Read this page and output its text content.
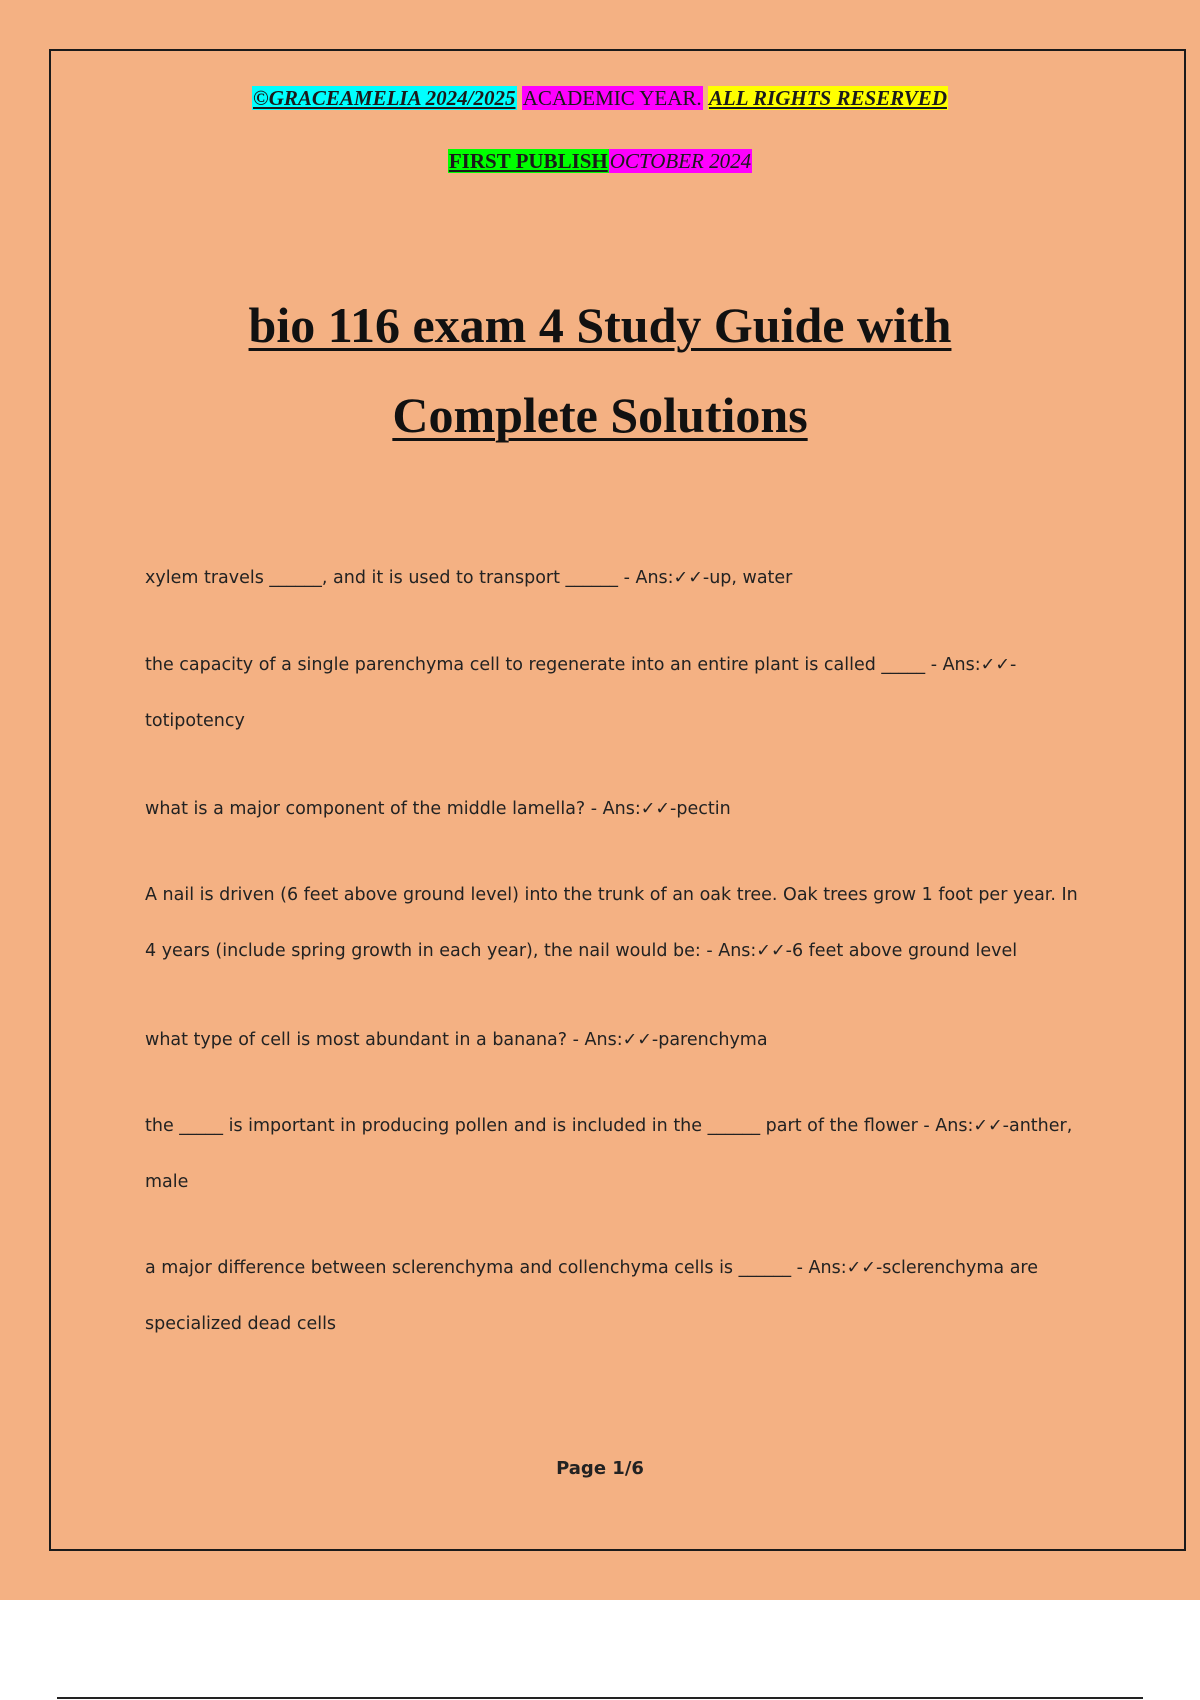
©GRACEAMELIA 2024/2025 ACADEMIC YEAR. ALL RIGHTS RESERVED
FIRST PUBLISHOCTOBER 2024
bio 116 exam 4 Study Guide with
Complete Solutions
xylem travels ______, and it is used to transport ______ - Ans:✓✓-up, water
the capacity of a single parenchyma cell to regenerate into an entire plant is called _____ - Ans:✓✓-totipotency
what is a major component of the middle lamella? - Ans:✓✓-pectin
A nail is driven (6 feet above ground level) into the trunk of an oak tree. Oak trees grow 1 foot per year. In 4 years (include spring growth in each year), the nail would be: - Ans:✓✓-6 feet above ground level
what type of cell is most abundant in a banana? - Ans:✓✓-parenchyma
the _____ is important in producing pollen and is included in the ______ part of the flower - Ans:✓✓-anther, male
a major difference between sclerenchyma and collenchyma cells is ______ - Ans:✓✓-sclerenchyma are specialized dead cells
Page 1/6
